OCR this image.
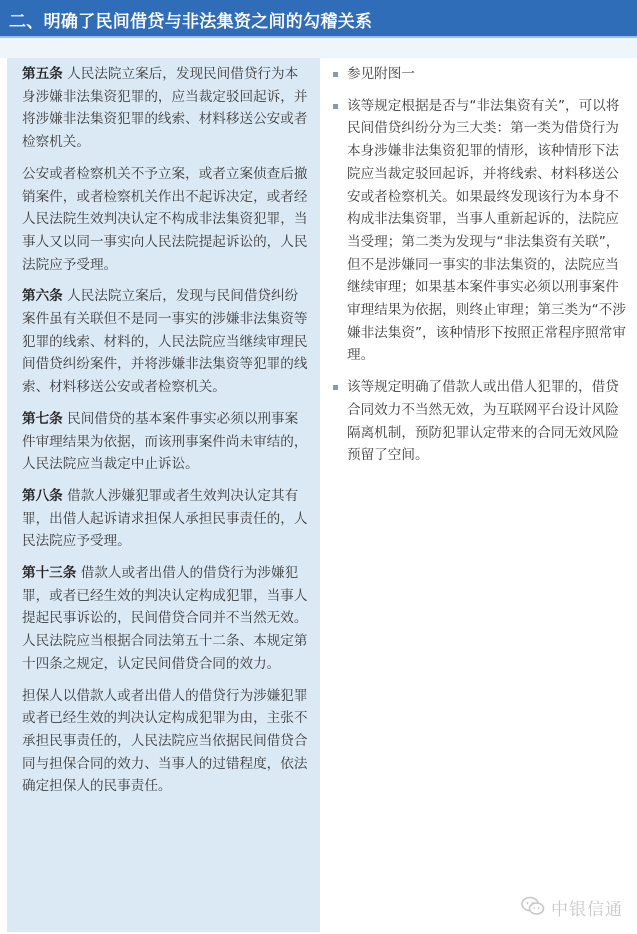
二、明确了民间借贷与非法集资之间的勾稽关系

第五条 人民法院立案后，发现民间借贷行为本身涉嫌非法集资犯罪的，应当裁定驳回起诉，并将涉嫌非法集资犯罪的线索、材料移送公安或者检察机关。

公安或者检察机关不予立案，或者立案侦查后撤销案件，或者检察机关作出不起诉决定，或者经人民法院生效判决认定不构成非法集资犯罪，当事人又以同一事实向人民法院提起诉讼的，人民法院应予受理。

第六条 人民法院立案后，发现与民间借贷纠纷案件虽有关联但不是同一事实的涉嫌非法集资等犯罪的线索、材料的，人民法院应当继续审理民间借贷纠纷案件，并将涉嫌非法集资等犯罪的线索、材料移送公安或者检察机关。

第七条 民间借贷的基本案件事实必须以刑事案件审理结果为依据，而该刑事案件尚未审结的，人民法院应当裁定中止诉讼。

第八条 借款人涉嫌犯罪或者生效判决认定其有罪，出借人起诉请求担保人承担民事责任的，人民法院应予受理。

第十三条 借款人或者出借人的借贷行为涉嫌犯罪，或者已经生效的判决认定构成犯罪，当事人提起民事诉讼的，民间借贷合同并不当然无效。人民法院应当根据合同法第五十二条、本规定第十四条之规定，认定民间借贷合同的效力。

担保人以借款人或者出借人的借贷行为涉嫌犯罪或者已经生效的判决认定构成犯罪为由，主张不承担民事责任的，人民法院应当依据民间借贷合同与担保合同的效力、当事人的过错程度，依法确定担保人的民事责任。

参见附图一
该等规定根据是否与“非法集资有关”，可以将民间借贷纠纷分为三大类：第一类为借贷行为本身涉嫌非法集资犯罪的情形，该种情形下法院应当裁定驳回起诉，并将线索、材料移送公安或者检察机关。如果最终发现该行为本身不构成非法集资罪，当事人重新起诉的，法院应当受理；第二类为发现与“非法集资有关联”，但不是涉嫌同一事实的非法集资的，法院应当继续审理；如果基本案件事实必须以刑事案件审理结果为依据，则终止审理；第三类为“不涉嫌非法集资”，该种情形下按照正常程序照常审理。
该等规定明确了借款人或出借人犯罪的，借贷合同效力不当然无效，为互联网平台设计风险隔离机制，预防犯罪认定带来的合同无效风险预留了空间。
中银信通
